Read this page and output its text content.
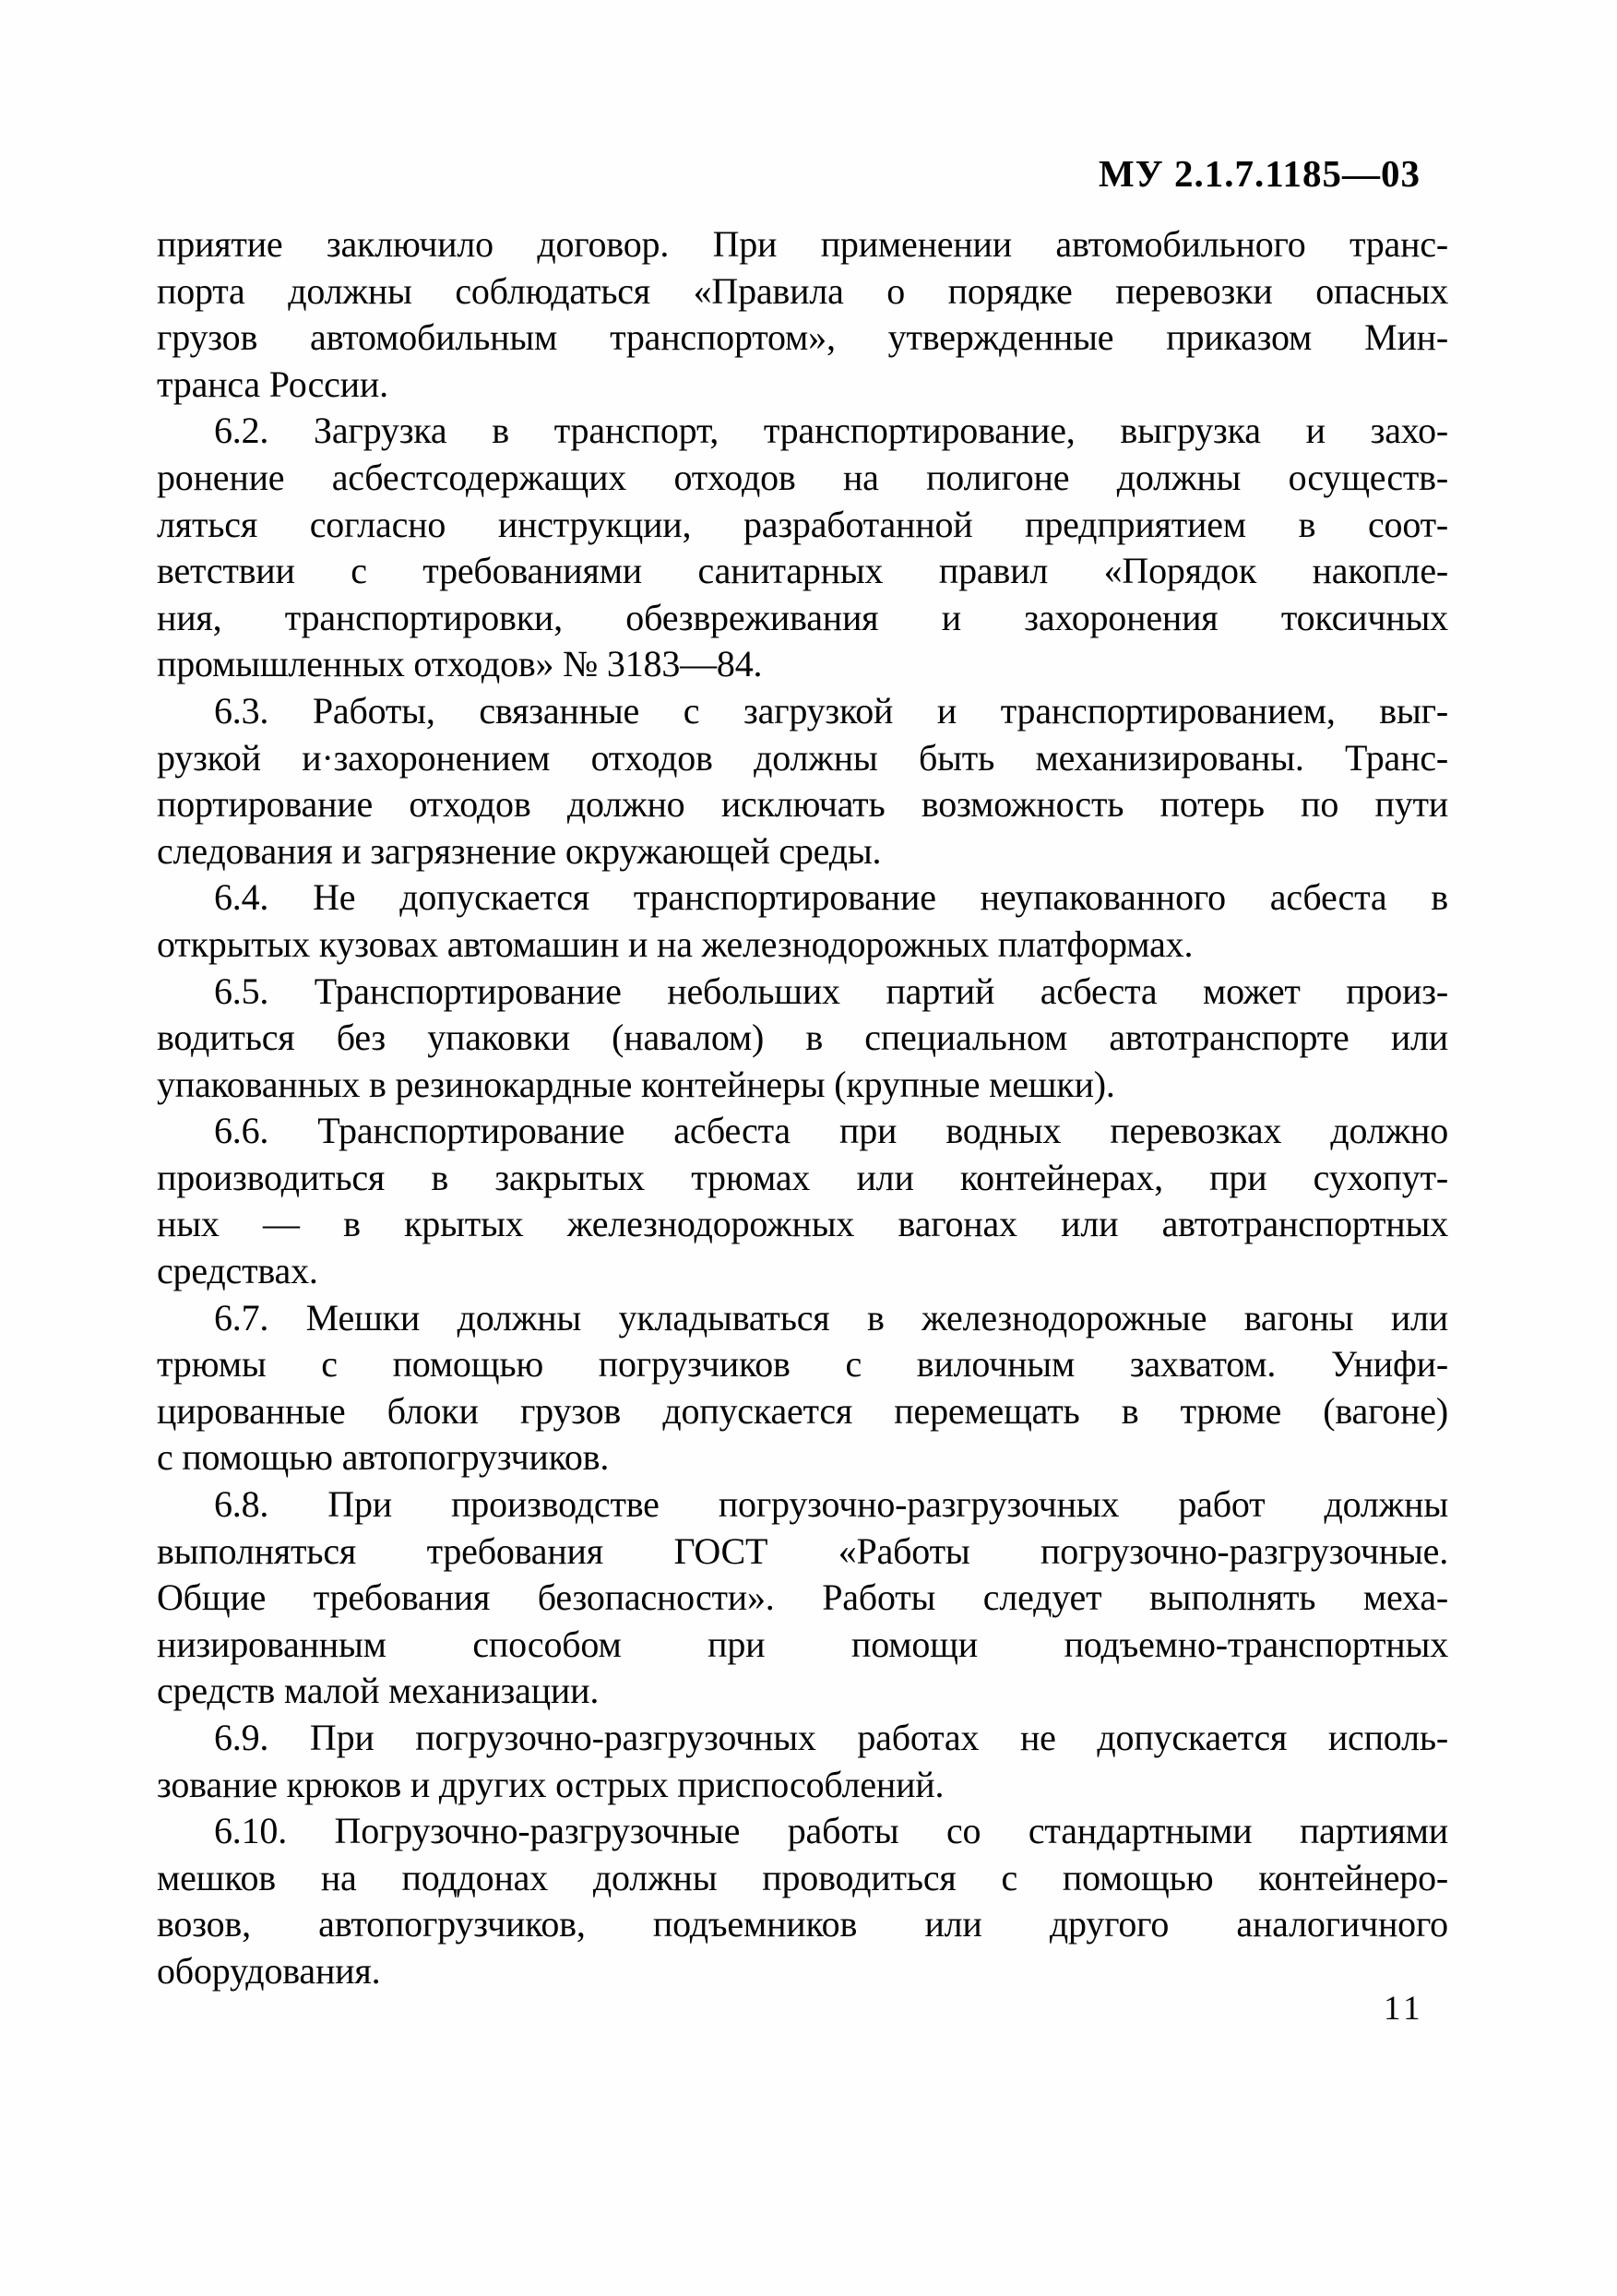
МУ 2.1.7.1185—03
приятие заключило договор. При применении автомобильного транс-
порта должны соблюдаться «Правила о порядке перевозки опасных
грузов автомобильным транспортом», утвержденные приказом Мин-
транса России.
6.2. Загрузка в транспорт, транспортирование, выгрузка и захо-
ронение асбестсодержащих отходов на полигоне должны осуществ-
ляться согласно инструкции, разработанной предприятием в соот-
ветствии с требованиями санитарных правил «Порядок накопле-
ния, транспортировки, обезвреживания и захоронения токсичных
промышленных отходов» № 3183—84.
6.3. Работы, связанные с загрузкой и транспортированием, выг-
рузкой и·захоронением отходов должны быть механизированы. Транс-
портирование отходов должно исключать возможность потерь по пути
следования и загрязнение окружающей среды.
6.4. Не допускается транспортирование неупакованного асбеста в
открытых кузовах автомашин и на железнодорожных платформах.
6.5. Транспортирование небольших партий асбеста может произ-
водиться без упаковки (навалом) в специальном автотранспорте или
упакованных в резинокардные контейнеры (крупные мешки).
6.6. Транспортирование асбеста при водных перевозках должно
производиться в закрытых трюмах или контейнерах, при сухопут-
ных — в крытых железнодорожных вагонах или автотранспортных
средствах.
6.7. Мешки должны укладываться в железнодорожные вагоны или
трюмы с помощью погрузчиков с вилочным захватом. Унифи-
цированные блоки грузов допускается перемещать в трюме (вагоне)
с помощью автопогрузчиков.
6.8. При производстве погрузочно-разгрузочных работ должны
выполняться требования ГОСТ «Работы погрузочно-разгрузочные.
Общие требования безопасности». Работы следует выполнять меха-
низированным способом при помощи подъемно-транспортных
средств малой механизации.
6.9. При погрузочно-разгрузочных работах не допускается исполь-
зование крюков и других острых приспособлений.
6.10. Погрузочно-разгрузочные работы со стандартными партиями
мешков на поддонах должны проводиться с помощью контейнеро-
возов, автопогрузчиков, подъемников или другого аналогичного
оборудования.
11
